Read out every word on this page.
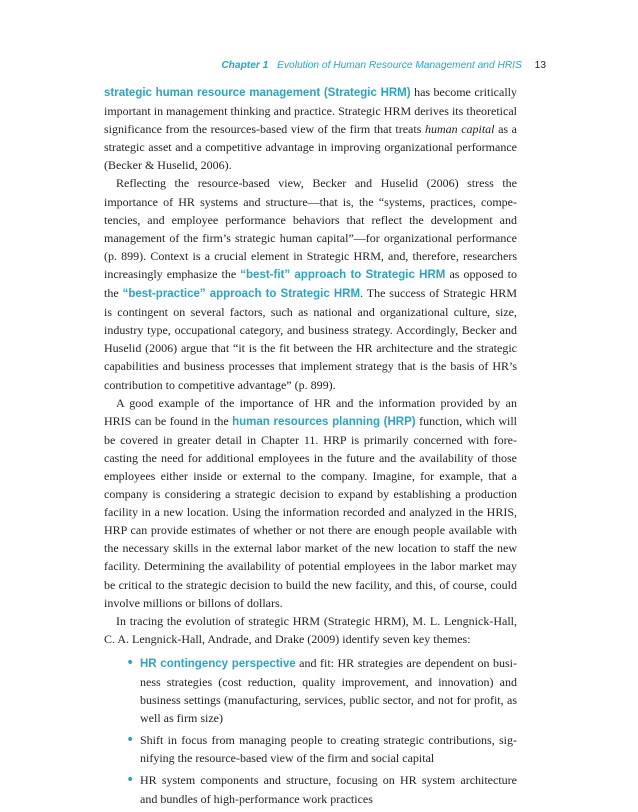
Chapter 1 Evolution of Human Resource Management and HRIS 13

strategic human resource management (Strategic HRM) has become critically important in management thinking and practice. Strategic HRM derives its theoretical significance from the resources-based view of the firm that treats human capital as a strategic asset and a competitive advantage in improving organizational performance (Becker & Huselid, 2006).

Reflecting the resource-based view, Becker and Huselid (2006) stress the importance of HR systems and structure—that is, the “systems, practices, competencies, and employee performance behaviors that reflect the development and management of the firm’s strategic human capital”—for organizational performance (p. 899). Context is a crucial element in Strategic HRM, and, therefore, researchers increasingly emphasize the “best-fit” approach to Strategic HRM as opposed to the “best-practice” approach to Strategic HRM. The success of Strategic HRM is contingent on several factors, such as national and organizational culture, size, industry type, occupational category, and business strategy. Accordingly, Becker and Huselid (2006) argue that “it is the fit between the HR architecture and the strategic capabilities and business processes that implement strategy that is the basis of HR’s contribution to competitive advantage” (p. 899).

A good example of the importance of HR and the information provided by an HRIS can be found in the human resources planning (HRP) function, which will be covered in greater detail in Chapter 11. HRP is primarily concerned with forecasting the need for additional employees in the future and the availability of those employees either inside or external to the company. Imagine, for example, that a company is considering a strategic decision to expand by establishing a production facility in a new location. Using the information recorded and analyzed in the HRIS, HRP can provide estimates of whether or not there are enough people available with the necessary skills in the external labor market of the new location to staff the new facility. Determining the availability of potential employees in the labor market may be critical to the strategic decision to build the new facility, and this, of course, could involve millions or billons of dollars.

In tracing the evolution of strategic HRM (Strategic HRM), M. L. Lengnick-Hall, C. A. Lengnick-Hall, Andrade, and Drake (2009) identify seven key themes:

• HR contingency perspective and fit: HR strategies are dependent on business strategies (cost reduction, quality improvement, and innovation) and business settings (manufacturing, services, public sector, and not for profit, as well as firm size)
• Shift in focus from managing people to creating strategic contributions, signifying the resource-based view of the firm and social capital
• HR system components and structure, focusing on HR system architecture and bundles of high-performance work practices
